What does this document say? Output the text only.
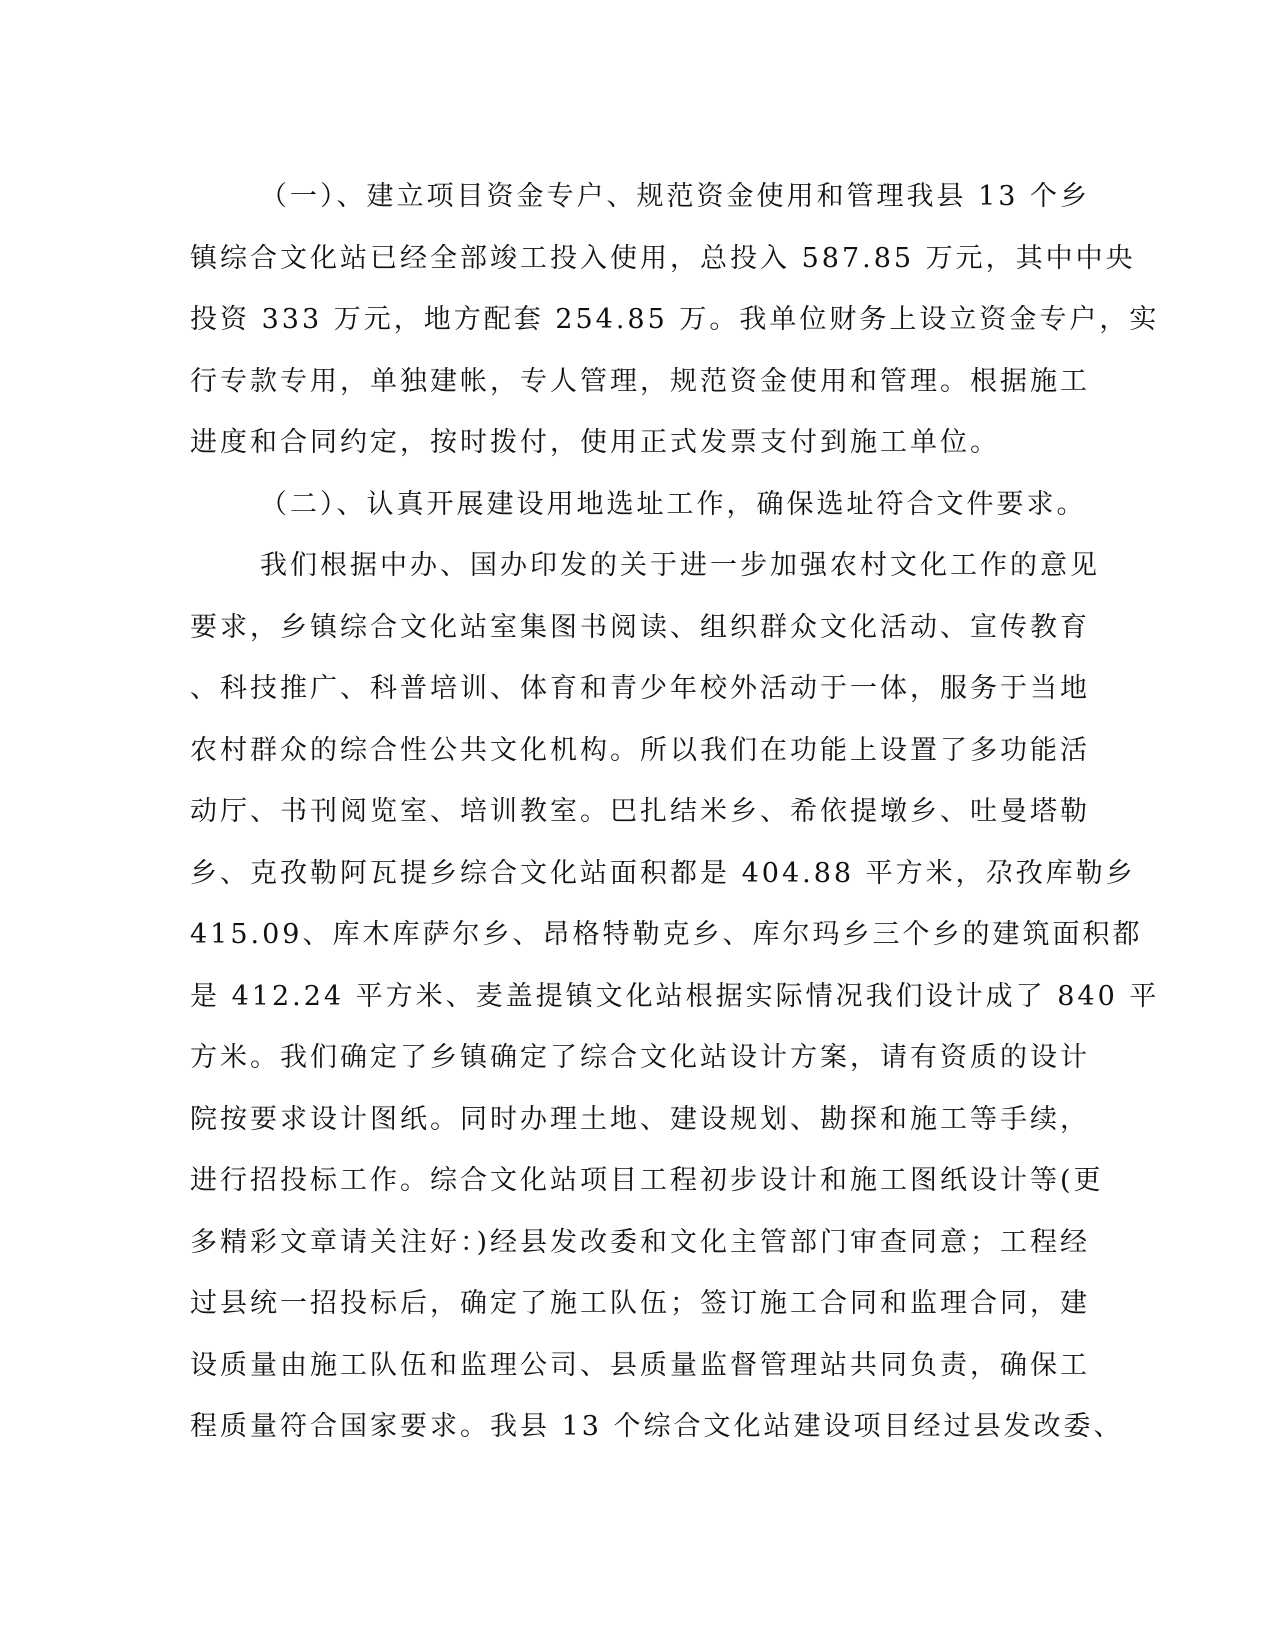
（一）、建立项目资金专户、规范资金使用和管理我县 13 个乡
镇综合文化站已经全部竣工投入使用，总投入 587.85 万元，其中中央
投资 333 万元，地方配套 254.85 万。我单位财务上设立资金专户，实
行专款专用，单独建帐，专人管理，规范资金使用和管理。根据施工
进度和合同约定，按时拨付，使用正式发票支付到施工单位。
（二）、认真开展建设用地选址工作，确保选址符合文件要求。
我们根据中办、国办印发的关于进一步加强农村文化工作的意见
要求，乡镇综合文化站室集图书阅读、组织群众文化活动、宣传教育
、科技推广、科普培训、体育和青少年校外活动于一体，服务于当地
农村群众的综合性公共文化机构。所以我们在功能上设置了多功能活
动厅、书刊阅览室、培训教室。巴扎结米乡、希依提墩乡、吐曼塔勒
乡、克孜勒阿瓦提乡综合文化站面积都是 404.88 平方米，尕孜库勒乡
415.09、库木库萨尔乡、昂格特勒克乡、库尔玛乡三个乡的建筑面积都
是 412.24 平方米、麦盖提镇文化站根据实际情况我们设计成了 840 平
方米。我们确定了乡镇确定了综合文化站设计方案，请有资质的设计
院按要求设计图纸。同时办理土地、建设规划、勘探和施工等手续，
进行招投标工作。综合文化站项目工程初步设计和施工图纸设计等(更
多精彩文章请关注好：)经县发改委和文化主管部门审查同意；工程经
过县统一招投标后，确定了施工队伍；签订施工合同和监理合同，建
设质量由施工队伍和监理公司、县质量监督管理站共同负责，确保工
程质量符合国家要求。我县 13 个综合文化站建设项目经过县发改委、
